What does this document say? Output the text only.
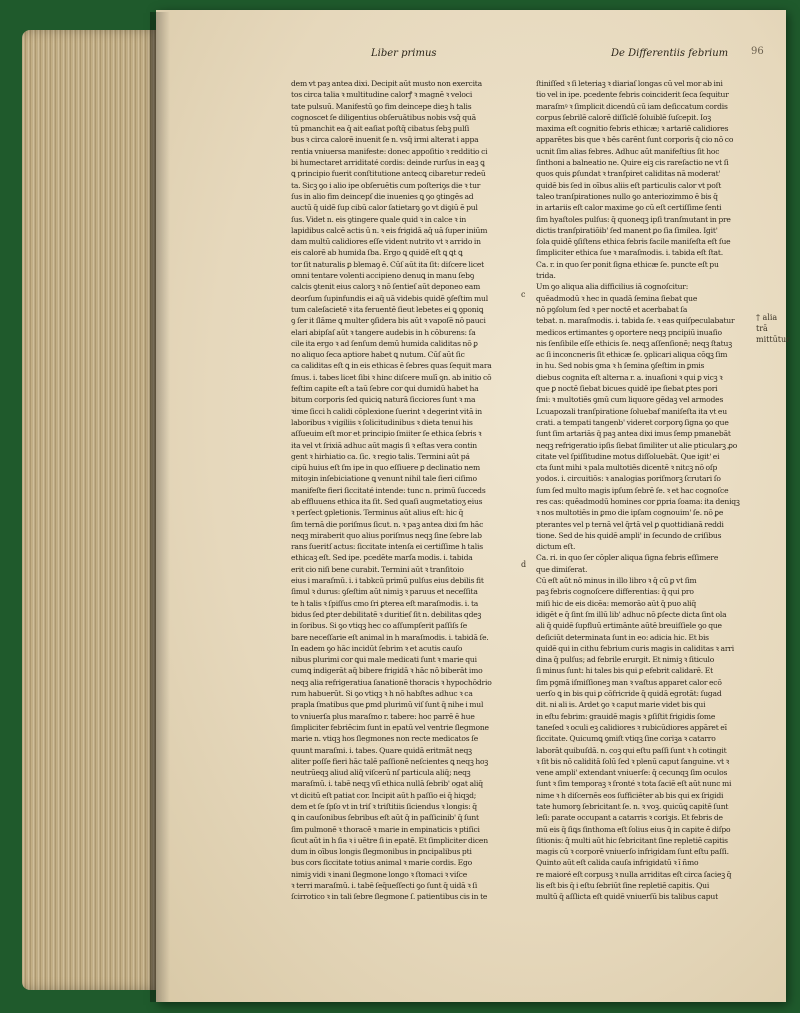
Liber primus	De Differentiis febrium 96
dem vt paȝ antea dixi. Decipit aūt musto non exercita
tos circa talia ꝛ multitudine calorꝭ ꝛ magnē ꝛ veloci
tate pulsuū. Manifestū ꝯo fim deincepe dieꝫ h talis
cognoscet ſe diligentius obſeruātibus nobis vsq̄ quā
tū pmanchit ea q̄ ait eaſiat poſtq̄ cibatus ſebꝫ pulſi
bus ꝛ circa calorē inuenit ſe n. vsq̄ irmi alterat i appa
rentia vniuersa manifeste: donec appoſitio ꝛ redditio ci
bi humectaret arriditaté cordis: deinde rurſus in eaꝫ ꝗ
ꝗ principio fuerit conſtitutione antecꝗ cibaretur redeū
ta. Sicꝫ ꝯo i alio ipe obſeruētis cum poſteriꝯs die ꝛ tur
ſus in alio fim deincepſ die inuenies ꝗ ꝯo ꝯtingēs ad
auctū q̄ uidē ſup cibū calor ſatietarꝯ ꝯo vt diꝯiū ē pul
ſus. Videt n. eis ꝯtingere quale quid ꝛ in calce ꝛ in
lapidibus calcē actis ū n. ꝛ eis frigidā aq̄ uā ſuper iniūm
dam multū calidiores eſſe vident nutrito vt ꝛ arrido in
eis calorē ab humida ſba. Ergo ꝗ quidē eſt ꝗ ꝗt ꝗ
tor ſit naturalis ꝑ blemaꝯ ē. Cūſ aūt ita ſit: diſcere licet
omni tentare volenti accipieno denuꝗ in manu ſebꝯ
calcis ꝯtenit eius calorꝫ ꝛ nō ſentieſ aūt deponeo eam
deorſum ſupinfundis ei aq̄ uā videbis quidē ꝯſeſtim mul
tum caleſacietē ꝛ ita feruentē ſieut lebetes ei ꝗ ꝯponiꝗ
ꝯ ſer it ſlāme ꝗ multer ꝯſidera bis aūt ꝛ vapoſē nō pauci
elari abipſaſ aūt ꝛ tangere audebis in h cōburens: ſa
cile ita ergo ꝛ ad ſenſum demū humida caliditas nō ꝑ
no aliquo ſeca aptiore habet ꝗ nutum. Cūſ aūt ſic
ca caliditas eſt ꝗ in eis ethicas ē ſebres quas ſequit mara
ſmus. i. tabes licet ſibi ꝛ hinc diſcere mulī ꝯn. ab initio cō
feſtim capite eſt a taū ſebre cor ꝗui dumidū habet ha
bitum corporis ſed quiciꝗ naturā ſicciores ſunt ꝛ ma
ꝛime ſicci h calidi cōplexione ſuerint ꝛ degerint vitā in
laboribus ꝛ vigiliis ꝛ ſolicitudinibus ꝛ dieta tenui his
aſſueuim eſt mor et principio ſmiiter ſe ethica ſebris ꝛ
ita vel vt ſrixiā adhuc aūt magis ſi ꝛ eſtas vera contin
gent ꝛ hirhiatio ca. ſic. ꝛ regio talis. Termini aūt pá
cipū huius eſt ſm ipe in quo eſſiuere ꝑ declinatio nem
mitoȝin inſebiciatione ꝗ venunt nihil tale ſieri ciſimo
manifeſte fieri ſiccitaté intende: tunc n. primū ſucceds
ab effluuens ethica ita ſit. Sed quaſi augmetatioʒ eius
ꝛ perſect ꝯpletionis. Terminus aūt alius eſt: hic q̄
ſim ternā die poriſmus ſicut. n. ꝛ paꝫ antea dixi ſm hāc
neqꝫ miraberit quo alius poriſmus neqꝫ ſine ſebre lab
rans ſueritſ actus: ſiccitate intenſa ei certiſſime h talis
ethicaꝫ eſt. Sed ipe. pcedēte marſa modis. i. tabida
erit cio niſi bene curabit. Termini aūt ꝛ tranſitoio
eius i maraſmū. i. i tabkcū primū pulſus eius debilis fit
ſimul ꝛ durus: ꝯſeſtim aūt nimiꝫ ꝛ paruus et neceſſita
te h talis ꝛ ſpiſſus cmo ſri ꝑterea eſt maraſmodis. i. ta
bidus ſed ꝑter debilitatē ꝛ duritieſ ſit n. debilitas qdeꝫ
in ſoribus. Si ꝯo vtiqꝫ hec co aſſumpſerit paſſiſs ſe
bare neceſſarie eſt animal in h maraſmodis. i. tabidā ſe.
In eadem ꝯo hāc incidūt ſebrim ꝛ et acutis cauſo
nibus plurimi cor ꝗui male medicati ſunt ꝛ marie qui
cumꝗ indigerāt aq̄ bibere frigidā ꝛ hāc nō biberāt imo
neqꝫ alia refrigeratiua ſanationē thoracis ꝛ hypochōdrio
rum habuerūt. Si ꝯo vtiqꝫ ꝛ h nō habſtes adhuc ꝛ ca
prapla ſmatibus que ꝑmd plurimū viſ ſunt q̄ nihe i mul
to vniuerſa plus maraſmo r. tabere: hoc parrē ē hue
ſimpliciter febriēcim ſunt in epatū vel ventrie ſlegmone
marie n. vtiqꝫ hos ſlegmones non recte medicatos ſe
quunt maraſmi. i. tabes. Quare quidā eritmāt neqꝫ
aliter poſſe fieri hāc talē paſſionē neſcientes ꝗ neqꝫ hoꝫ
neutrūeqꝫ aliud aliq̄ viſcerū nſ particula aliq̄; neqꝫ
maraſmū. i. tabē neqꝫ vſī ethica nullā ſebrib' ogat aliq̄
vt dicitū eſt patiat cor. Incipit aūt h paſſio ei q̄ hiqꝫd;
dem et ſe ſpſo vt in triſ ꝛ triſtitiis ſiciendus ꝛ longis: q̄
ꝗ in cauſonibus ſebribus eſt aūt q̄ in paſſicinib' q̄ ſunt
ſim pulmonē ꝛ thoracē ꝛ marie in empinaticis ꝛ ptiſici
ſicut aūt in h ſia ꝛ i uētre ſi in epatē. Et ſimpliciter dicen
dum in oībus longis ſlegmonibus in ꝑncipalibus pti
bus cors ſiccitate totius animal ꝛ marie cordis. Ego
nimiꝫ vidi ꝛ inani ſlegmone longo ꝛ ſtomaci ꝛ viſce
ꝛ terri maraſmū. i. tabē ſeq̄ueſſecti ꝯo ſunt q̄ uidā ꝛ ſi
ſcirrotico ꝛ in tali ſebre ſlegmone ſ. patientibus cis in te
ſtiniſſed ꝛ ſi leteriaꝫ ꝛ diariaſ longas cū vel mor ab ini
tio vel in ipe. pcedente febris coinciderit ſeca ſequitur
maraſmꝰ ꝛ ſimplicit dicendū cū iam deſiccatum cordis
corpus ſebrilē calorē diſſiclē ſoluiblē ſuſcepit. Ioꝫ
maxima eſt cognitio febris ethicæ; ꝛ artariē calidiores
apparētes bis que ꝛ bēs carēnt ſunt corporis q̄ cio nō co
ucnit ſim alias febres. Adhuc aūt manifeſtius ſit hoc
ſinthoni a balneatio ne. Quire eiꝫ cis rareſactio ne vt ſi
quos quis ꝑſundat ꝛ tranſpiret caliditas nā moderat'
quidē bis ſed in oībus aliis eſt particulis calor vt poſt
taleo tranſpirationes nullo ꝯo anteriozimmo ē bis q̄
in artariis eſt calor maxime ꝯo cū eſt certiſſime ſenti
ſim hyaſtoles pulſus: q̄ quoneqꝫ ipſi tranſmutant in pre
dictis tranſpiratiōib' ſed manent ꝑo ſia ſimilea. Igit'
ſola quidē ꝯſiſtens ethica febris facile maniſeſta eſt ſue
ſimpliciter ethica ſue ꝛ maraſmodis. i. tabida eſt ſtat.
Ca. r. in quo ſer ponit ſigna ethicæ ſe. puncte eſt pu
trida.
Um ꝯo aliqua alia difficilius iā cognoſcitur:
quēadmodū ꝛ hec in quadā ſemina ſiebat que
nō pꝯſolum ſed ꝛ per noctē et acerbabat ſa
tebat. n. maraſmodis. i. tabida ſe. ꝛ eas quiſpeculabatur
medicos ertimantes ꝯ oportere neqꝫ pncipiū inuaſio
nis ſenſibile eſſe ethicis ſe. neqꝫ aſſenſionē; neqꝫ ſtatuꝫ
ac ſi inconcneris ſit ethicæ ſe. ꝯplicari aliqua cōꝗꝫ ſim
in hu. Sed nobis ꝯma ꝛ h ſemina ꝯſeſtim in ꝑmis
diebus cognita eſt alterna r. a. inuaſioni ꝛ qui ꝑ vicꝫ ꝛ
que ꝑ noctē ſiebat bicues quidē ipe ſiebat ꝑtes pori
ſmi: ꝛ multotiēs ꝯmū cum liquore gēdaꝫ vel armodes
Lcuapozali tranſpiratione ſoluebaf maniſeſta ita vt eu
crati. a tempati tangenb' videret corporꝯ ſigna ꝯo que
ſunt ſim artariās q̄ paꝫ antea dixi imus ſemp pmanebāt
neqꝫ refrigeratio ipſis ſiebat ſimiliter ut alie pticularꝫ ꝓo
citate vel ſpiſſitudine motus diſſoluebāt. Que igit' ei
cta ſunt mihi ꝛ pala multotiēs dicentē ꝛ nitcꝫ nō oſp
yodos. i. circuitiōs: ꝛ analogias poriſmorꝫ ſcrutari ſo
ſum ſed multo magis ipſum ſebrē ſe. ꝛ et hac cognoſce
res cas: quēadmodū homines cor ꝑpria ſoama: ita deniqꝫ
ꝛ nos multotiēs in ꝑmo die ipſam cognouim' ſe. nō ꝑe
pterantes vel p ternā vel q̄rtā vel ꝑ quottidianā reddi
tione. Sed de his quidē ampli' in ſecundo de criſibus
dictum eſt.
Ca. ri. in quo ſer cōpler aliqua ſigna febris eſſimere
que dimiſerat.
Cū eſt aūt nō minus in illo libro ꝛ q̄ cū ꝑ vt ſim
paꝫ febris cognoſcere differentias: q̄ qui pro
miſi hic de eis dicēa: memorāo aūt q̄ puo aliq̄
idigēt e q̄ ſint ſm illū lib' adhuc nō ꝑſecte dicta ſint ola
ali q̄ quidē ſupfluū ertimānte aūtē breuiſſiele ꝯo que
deſiciūt determinata ſunt in eo: adicia hic. Et bis
quidē qui in cithu febrium curis magis in caliditas ꝛ arri
dina q̄ pulſus; ad febrile erurgit. Et nimiꝫ ꝛ ſiticulo
ſi minus ſunt: hi tales bis qui ꝑ efebrit calidarē. Et
ſim pꝯmā iſmiſſioneꝫ man ꝛ vaſtus apparet calor ecō
uerſo ꝗ in bis qui ꝑ cōfricride q̄ quidā egrotāt: ſugad
dit. ni ali is. Ardet ꝯo ꝛ caput marie videt bis qui
in eſtu febrim: grauidē magis ꝛ ꝑſiſtit frigidis ſome
taneſed ꝛ oculi eꝫ calidiores ꝛ rubicūdiores appāret eī
ſiccitate. Quicumꝗ ꝯmiſt vtiqꝫ ſine coriꝫa ꝛ catarro
laborāt quibuſdā. n. coꝫ qui eſtu paſſi ſunt ꝛ h cotingit
ꝛ ſit bis nō caliditā ſolū ſed ꝛ plenū caput ſanguine. vt ꝛ
vene ampli' extendant vniuerſe: q̄ cecunqꝫ ſim oculos
ſunt ꝛ ſim temporaꝫ ꝛ ſronté ꝛ tota ſaciē eſt aūt nunc mi
nime ꝛ h diſcernēs eos ſufficiēter ab bis qui ex ſrigidi
tate humorꝯ ſebricitant ſe. n. ꝛ voꝫ. quicūꝗ capitē ſunt
leſi: parate occupant a catarris ꝛ coriꝫis. Et febris de
mū eis q̄ ſiꝗs ſinthoma eſt ſolius eius q̄ in capite ē diſpo
ſitionis: q̄ multi aūt hic ſebricitant ſine repletiē capitis
magis cū ꝛ corporē vniuerſo infrigidam ſunt eſtu paſſi.
Quinto aūt eſt calida cauſa infrigidatū ꝛ ī ñmo
re maioré eſt corpusꝫ ꝛ nulla arriditas eſt circa ſacieꝫ q̄
lis eſt bis q̄ i eſtu ſebriūt ſine repletiē capitis. Qui
multū q̄ aſſlicta eſt quidē vniuerſū bis talibus caput
c
d
† alia trā mittūtur
